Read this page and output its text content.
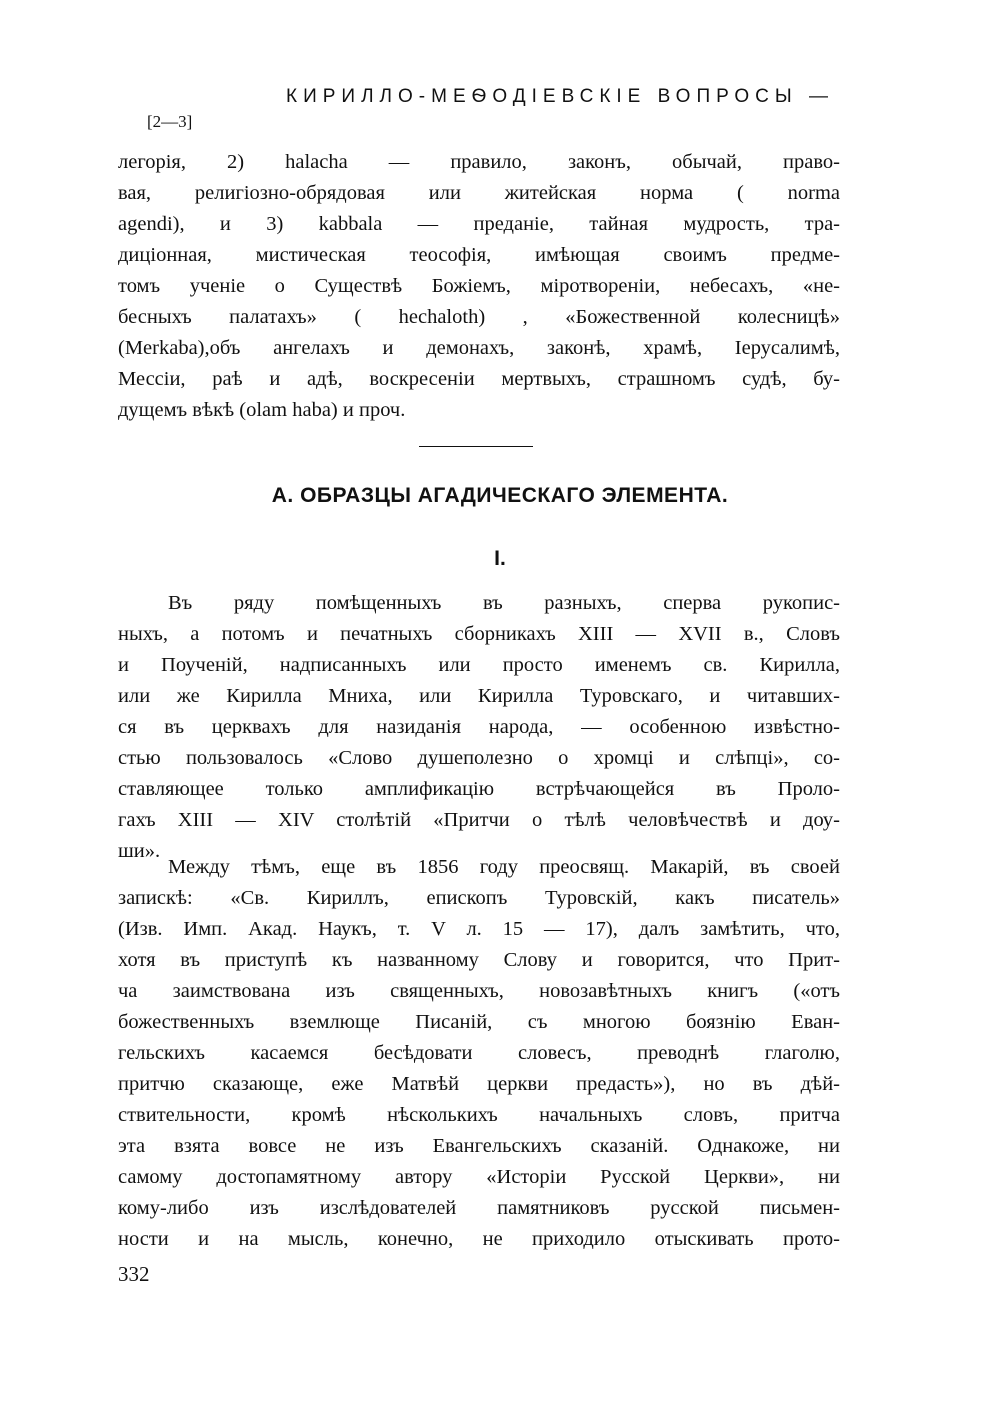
КИРИЛЛО-МЕѲОДІЕВСКІЕ ВОПРОСЫ —
[2—3]
легорія, 2) halacha — правило, законъ, обычай, право-
вая, религіозно-обрядовая или житейская норма ( norma
agendi), и 3) kabbala — преданіе, тайная мудрость, тра-
диціонная, мистическая теософія, имѣющая своимъ предме-
томъ ученіе о Существѣ Божіемъ, міротвореніи, небесахъ, «не-
бесныхъ палатахъ» ( hechaloth) , «Божественной колесницѣ»
(Merkaba),объ ангелахъ и демонахъ, законѣ, храмѣ, Іерусалимѣ,
Мессіи, раѣ и адѣ, воскресеніи мертвыхъ, страшномъ судѣ, бу-
дущемъ вѣкѣ (olam haba) и проч.
А. ОБРАЗЦЫ АГАДИЧЕСКАГО ЭЛЕМЕНТА.
I.
Въ ряду помѣщенныхъ въ разныхъ, сперва рукопис-
ныхъ, а потомъ и печатныхъ сборникахъ XIII — XVII в., Словъ
и Поученій, надписанныхъ или просто именемъ св. Кирилла,
или же Кирилла Мниха, или Кирилла Туровскаго, и читавших-
ся въ церквахъ для назиданія народа, — особенною извѣстно-
стью пользовалось «Слово душеполезно о хромці и слѣпці», со-
ставляющее только амплификацію встрѣчающейся въ Проло-
гахъ XIII — XIV столѣтій «Притчи о тѣлѣ человѣчествѣ и доу-
ши».
Между тѣмъ, еще въ 1856 году преосвящ. Макарій, въ своей
запискѣ: «Св. Кириллъ, епископъ Туровскій, какъ писатель»
(Изв. Имп. Акад. Наукъ, т. V л. 15 — 17), далъ замѣтить, что,
хотя въ приступѣ къ названному Слову и говорится, что Прит-
ча заимствована изъ священныхъ, новозавѣтныхъ книгъ («отъ
божественныхъ вземлюще Писаній, съ многою боязнію Еван-
гельскихъ касаемся бесѣдовати словесъ, преводнѣ глаголю,
притчю сказающе, еже Матвѣй церкви предасть»), но въ дѣй-
ствительности, кромѣ нѣсколькихъ начальныхъ словъ, притча
эта взята вовсе не изъ Евангельскихъ сказаній. Однакоже, ни
самому достопамятному автору «Исторіи Русской Церкви», ни
кому-либо изъ изслѣдователей памятниковъ русской письмен-
ности и на мысль, конечно, не приходило отыскивать прото-
332
